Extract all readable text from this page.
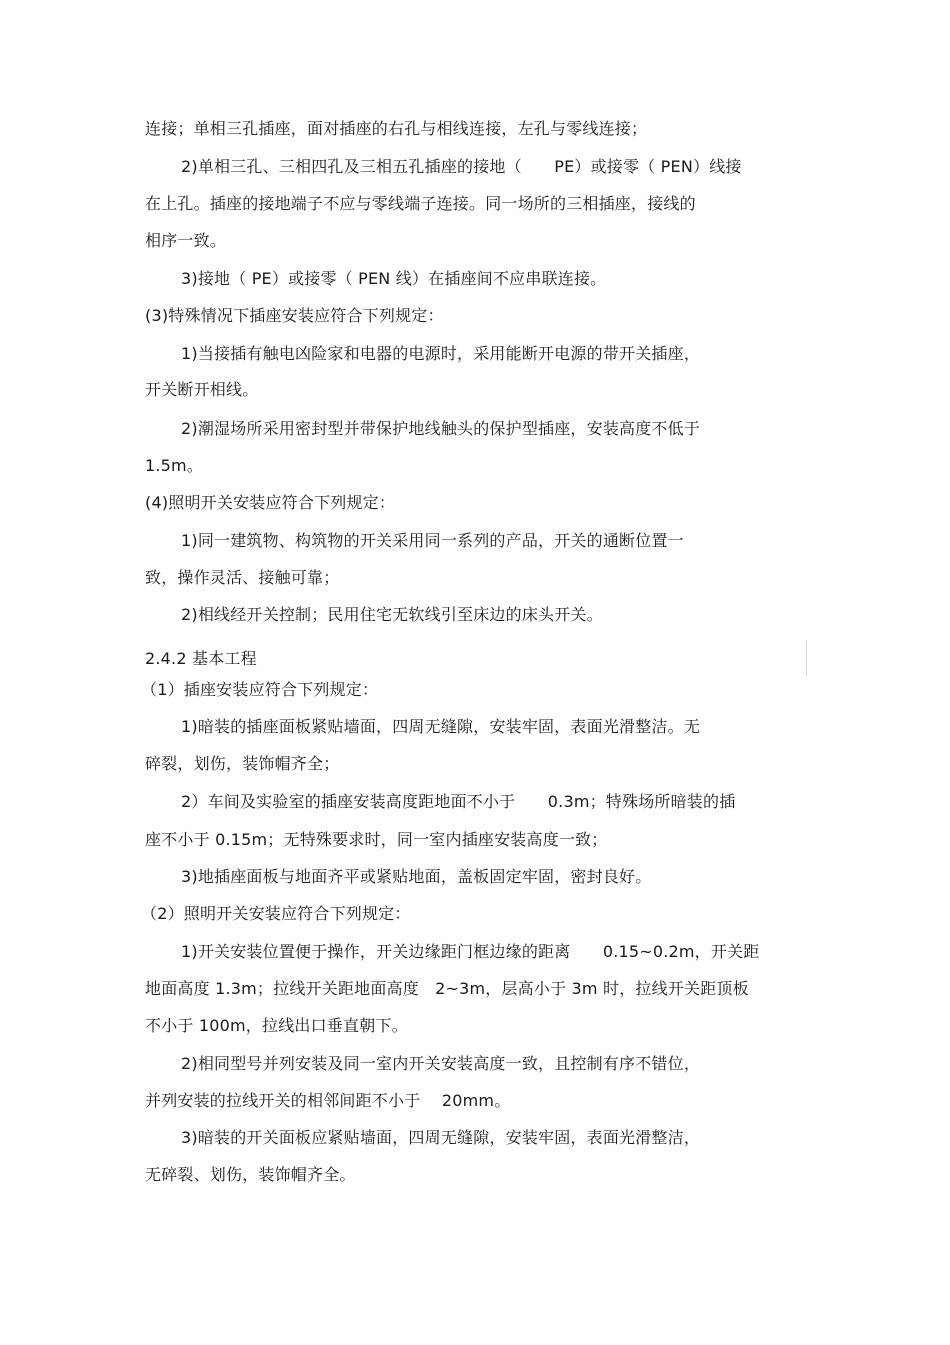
连接；单相三孔插座，面对插座的右孔与相线连接，左孔与零线连接；
2)单相三孔、三相四孔及三相五孔插座的接地（　　PE）或接零（ PEN）线接
在上孔。插座的接地端子不应与零线端子连接。同一场所的三相插座，接线的
相序一致。
3)接地（ PE）或接零（ PEN 线）在插座间不应串联连接。
(3)特殊情况下插座安装应符合下列规定：
1)当接插有触电凶险家和电器的电源时，采用能断开电源的带开关插座，
开关断开相线。
2)潮湿场所采用密封型并带保护地线触头的保护型插座，安装高度不低于
1.5m。
(4)照明开关安装应符合下列规定：
1)同一建筑物、构筑物的开关采用同一系列的产品，开关的通断位置一
致，操作灵活、接触可靠；
2)相线经开关控制；民用住宅无软线引至床边的床头开关。
2.4.2 基本工程
（1）插座安装应符合下列规定：
1)暗装的插座面板紧贴墙面，四周无缝隙，安装牢固，表面光滑整洁。无
碎裂，划伤，装饰帽齐全；
2）车间及实验室的插座安装高度距地面不小于　　0.3m；特殊场所暗装的插
座不小于 0.15m；无特殊要求时，同一室内插座安装高度一致；
3)地插座面板与地面齐平或紧贴地面，盖板固定牢固，密封良好。
（2）照明开关安装应符合下列规定：
1)开关安装位置便于操作，开关边缘距门框边缘的距离　　0.15~0.2m，开关距
地面高度 1.3m；拉线开关距地面高度　2~3m，层高小于 3m 时，拉线开关距顶板
不小于 100m，拉线出口垂直朝下。
2)相同型号并列安装及同一室内开关安装高度一致，且控制有序不错位，
并列安装的拉线开关的相邻间距不小于　 20mm。
3)暗装的开关面板应紧贴墙面，四周无缝隙，安装牢固，表面光滑整洁，
无碎裂、划伤，装饰帽齐全。
